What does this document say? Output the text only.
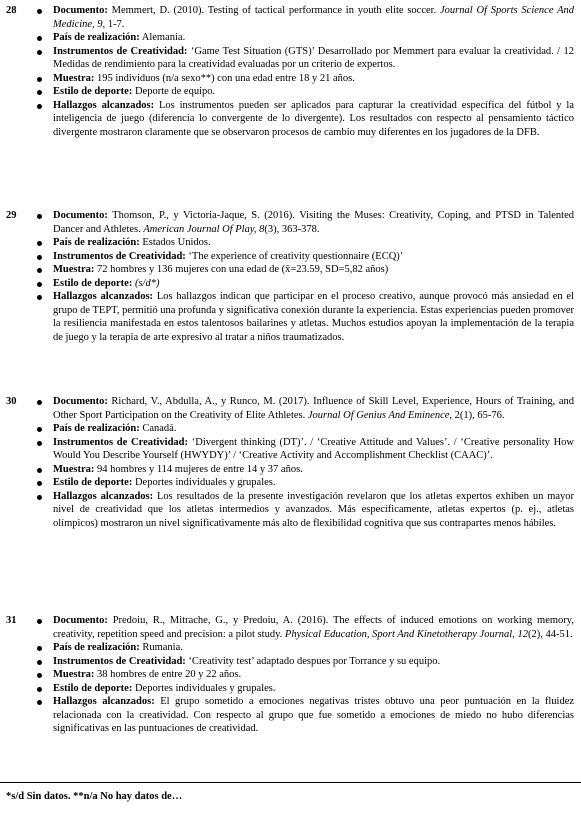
28	Documento: Memmert, D. (2010). Testing of tactical performance in youth elite soccer. Journal Of Sports Science And Medicine, 9, 1-7.
País de realización: Alemania.
Instrumentos de Creatividad: ‘Game Test Situation (GTS)’ Desarrollado por Memmert para evaluar la creatividad. / 12 Medidas de rendimiento para la creatividad evaluadas por un criterio de expertos.
Muestra: 195 individuos (n/a sexo**) con una edad entre 18 y 21 años.
Estilo de deporte: Deporte de equipo.
Hallazgos alcanzados: Los instrumentos pueden ser aplicados para capturar la creatividad específica del fútbol y la inteligencia de juego (diferencia lo convergente de lo divergente). Los resultados con respecto al pensamiento táctico divergente mostraron claramente que se observaron procesos de cambio muy diferentes en los jugadores de la DFB.
29	Documento: Thomson, P., y Victoria-Jaque, S. (2016). Visiting the Muses: Creativity, Coping, and PTSD in Talented Dancer and Athletes. American Journal Of Play, 8(3), 363-378.
País de realización: Estados Unidos.
Instrumentos de Creatividad: ‘The experience of creativity questionnaire (ECQ)’
Muestra: 72 hombres y 136 mujeres con una edad de (x̄=23.59, SD=5,82 años)
Estilo de deporte: (s/d*)
Hallazgos alcanzados: Los hallazgos indican que participar en el proceso creativo, aunque provocó más ansiedad en el grupo de TEPT, permitió una profunda y significativa conexión durante la experiencia. Estas experiencias pueden promover la resiliencia manifestada en estos talentosos bailarines y atletas. Muchos estudios apoyan la implementación de la terapia de juego y la terapia de arte expresivo al tratar a niños traumatizados.
30	Documento: Richard, V., Abdulla, A., y Runco, M. (2017). Influence of Skill Level, Experience, Hours of Training, and Other Sport Participation on the Creativity of Elite Athletes. Journal Of Genius And Eminence, 2(1), 65-76.
País de realización: Canadá.
Instrumentos de Creatividad: ‘Divergent thinking (DT)’. / ‘Creative Attitude and Values’. / ‘Creative personality How Would You Describe Yourself (HWYDY)’ / ‘Creative Activity and Accomplishment Checklist (CAAC)’.
Muestra: 94 hombres y 114 mujeres de entre 14 y 37 años.
Estilo de deporte: Deportes individuales y grupales.
Hallazgos alcanzados: Los resultados de la presente investigación revelaron que los atletas expertos exhiben un mayor nivel de creatividad que los atletas intermedios y avanzados. Más específicamente, atletas expertos (p. ej., atletas olímpicos) mostraron un nivel significativamente más alto de flexibilidad cognitiva que sus contrapartes menos hábiles.
31	Documento: Predoiu, R., Mitrache, G., y Predoiu, A. (2016). The effects of induced emotions on working memory, creativity, repetition speed and precision: a pilot study. Physical Education, Sport And Kinetotherapy Journal, 12(2), 44-51.
País de realización: Rumania.
Instrumentos de Creatividad: ‘Creativity test’ adaptado despues por Torrance y su equipo.
Muestra: 38 hombres de entre 20 y 22 años.
Estilo de deporte: Deportes individuales y grupales.
Hallazgos alcanzados: El grupo sometido a emociones negativas tristes obtuvo una peor puntuación en la fluidez relacionada con la creatividad. Con respecto al grupo que fue sometido a emociones de miedo no hubo diferencias significativas en las puntuaciones de creatividad.
*s/d Sin datos. **n/a No hay datos de…
